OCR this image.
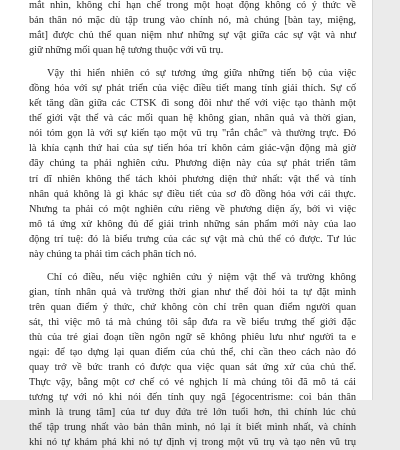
mắt nhìn, không chỉ hạn chế trong một hoạt động không có ý thức về
bản thân nó mặc dù tập trung vào chính nó, mà chúng [bàn tay, miệng,
mắt] được chủ thể quan niệm như những sự vật giữa các sự vật và như
giữ những mối quan hệ tương thuộc với vũ trụ.
Vậy thì hiển nhiên có sự tương ứng giữa những tiến bộ của việc
đồng hóa với sự phát triển của việc điều tiết mang tính giải thích. Sự cố
kết tăng dần giữa các CTSK đi song đôi như thế với việc tạo thành một
thế giới vật thể và các mối quan hệ không gian, nhân quả và thời gian,
nói tóm gọn là với sự kiến tạo một vũ trụ "rắn chắc" và thường trực. Đó
là khía cạnh thứ hai của sự tiến hóa trí khôn cảm giác-vận động mà giờ
đây chúng ta phải nghiên cứu. Phương diện này của sự phát triển tâm
trí dĩ nhiên không thể tách khỏi phương diện thứ nhất: vật thể và tính
nhân quả không là gì khác sự điều tiết của sơ đồ đồng hóa với cái thực.
Nhưng ta phải có một nghiên cứu riêng về phương diện ấy, bởi vì việc
mô tả ứng xử không đủ để giải trình những sản phẩm mới này của lao
động trí tuệ: đó là biểu trưng của các sự vật mà chủ thể có được. Tư lúc
này chúng ta phải tìm cách phân tích nó.
Chỉ có điều, nếu việc nghiên cứu ý niệm vật thể và trường không
gian, tính nhân quả và trường thời gian như thế đòi hỏi ta tự đặt mình
trên quan điểm ý thức, chứ không còn chỉ trên quan điểm người quan
sát, thì việc mô tả mà chúng tôi sắp đưa ra về biểu trưng thế giới đặc
thù của trẻ giai đoạn tiền ngôn ngữ sẽ không phiêu lưu như người ta e
ngại: để tạo dựng lại quan điểm của chủ thể, chỉ cần theo cách nào đó
quay trở về bức tranh có được qua việc quan sát ứng xử của chủ thể.
Thực vậy, bằng một cơ chế có vẻ nghịch lí mà chúng tôi đã mô tả cái
tương tự với nó khi nói đến tính quy ngã [égocentrisme: coi bản thân
mình là trung tâm] của tư duy đứa trẻ lớn tuổi hơn, thì chính lúc chủ
thể tập trung nhất vào bản thân mình, nó lại ít biết mình nhất, và chính
khi nó tự khám phá khi nó tự định vị trong một vũ trụ và tạo nên vũ trụ
